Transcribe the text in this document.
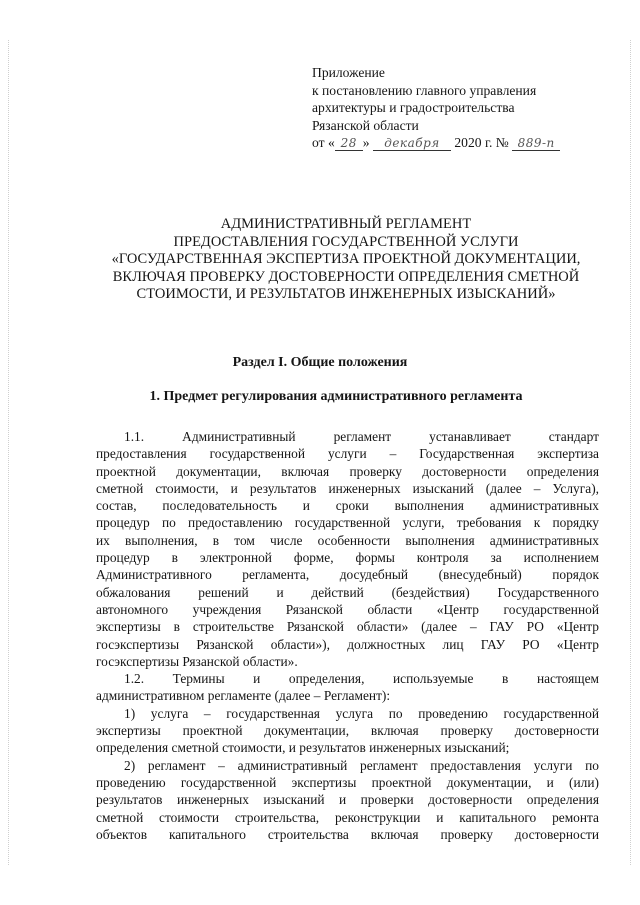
Приложение
к постановлению главного управления
архитектуры и градостроительства
Рязанской области
от « 28 » декабря 2020 г. № 889-п
АДМИНИСТРАТИВНЫЙ РЕГЛАМЕНТ
ПРЕДОСТАВЛЕНИЯ ГОСУДАРСТВЕННОЙ УСЛУГИ
«ГОСУДАРСТВЕННАЯ ЭКСПЕРТИЗА ПРОЕКТНОЙ ДОКУМЕНТАЦИИ,
ВКЛЮЧАЯ ПРОВЕРКУ ДОСТОВЕРНОСТИ ОПРЕДЕЛЕНИЯ СМЕТНОЙ
СТОИМОСТИ, И РЕЗУЛЬТАТОВ ИНЖЕНЕРНЫХ ИЗЫСКАНИЙ»
Раздел I. Общие положения
1. Предмет регулирования административного регламента
1.1. Административный регламент устанавливает стандарт
предоставления государственной услуги – Государственная экспертиза
проектной документации, включая проверку достоверности определения
сметной стоимости, и результатов инженерных изысканий (далее – Услуга),
состав, последовательность и сроки выполнения административных
процедур по предоставлению государственной услуги, требования к порядку
их выполнения, в том числе особенности выполнения административных
процедур в электронной форме, формы контроля за исполнением
Административного регламента, досудебный (внесудебный) порядок
обжалования решений и действий (бездействия) Государственного
автономного учреждения Рязанской области «Центр государственной
экспертизы в строительстве Рязанской области» (далее – ГАУ РО «Центр
госэкспертизы Рязанской области»), должностных лиц ГАУ РО «Центр
госэкспертизы Рязанской области».
1.2. Термины и определения, используемые в настоящем
административном регламенте (далее – Регламент):
1) услуга – государственная услуга по проведению государственной
экспертизы проектной документации, включая проверку достоверности
определения сметной стоимости, и результатов инженерных изысканий;
2) регламент – административный регламент предоставления услуги по
проведению государственной экспертизы проектной документации, и (или)
результатов инженерных изысканий и проверки достоверности определения
сметной стоимости строительства, реконструкции и капитального ремонта
объектов капитального строительства включая проверку достоверности
